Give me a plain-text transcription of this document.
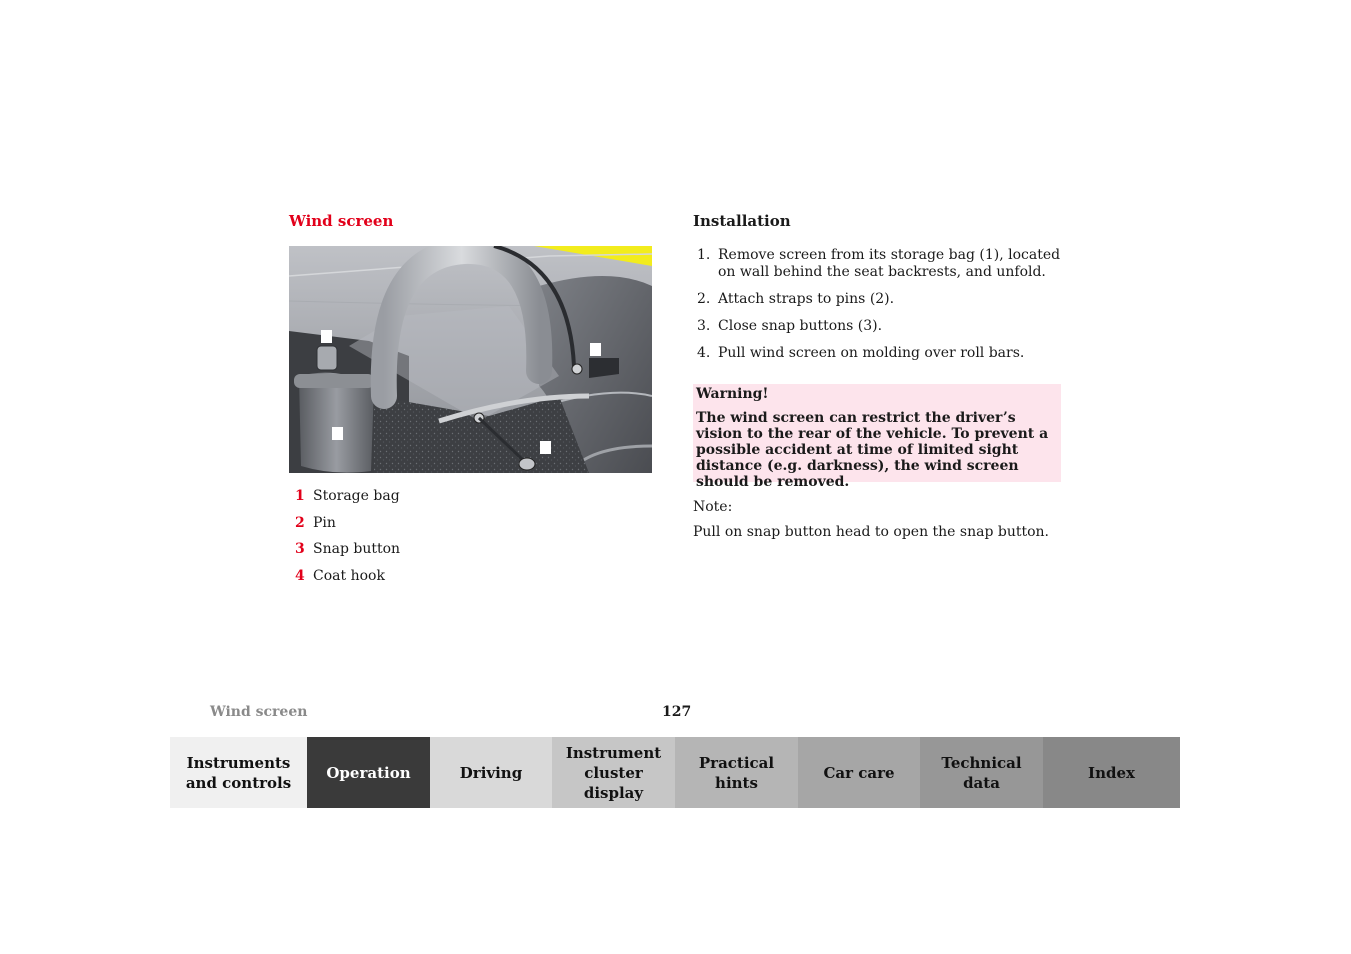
Wind screen
1 Storage bag
2 Pin
3 Snap button
4 Coat hook
Installation
1. Remove screen from its storage bag (1), located on wall behind the seat backrests, and unfold.
2. Attach straps to pins (2).
3. Close snap buttons (3).
4. Pull wind screen on molding over roll bars.
Warning!
The wind screen can restrict the driver’s vision to the rear of the vehicle. To prevent a possible accident at time of limited sight distance (e.g. darkness), the wind screen should be removed.
Note:
Pull on snap button head to open the snap button.
Wind screen	127
Instruments
and controls
Operation	Driving
Instrument
cluster display
Practical hints
Car care
Technical
data
Index
